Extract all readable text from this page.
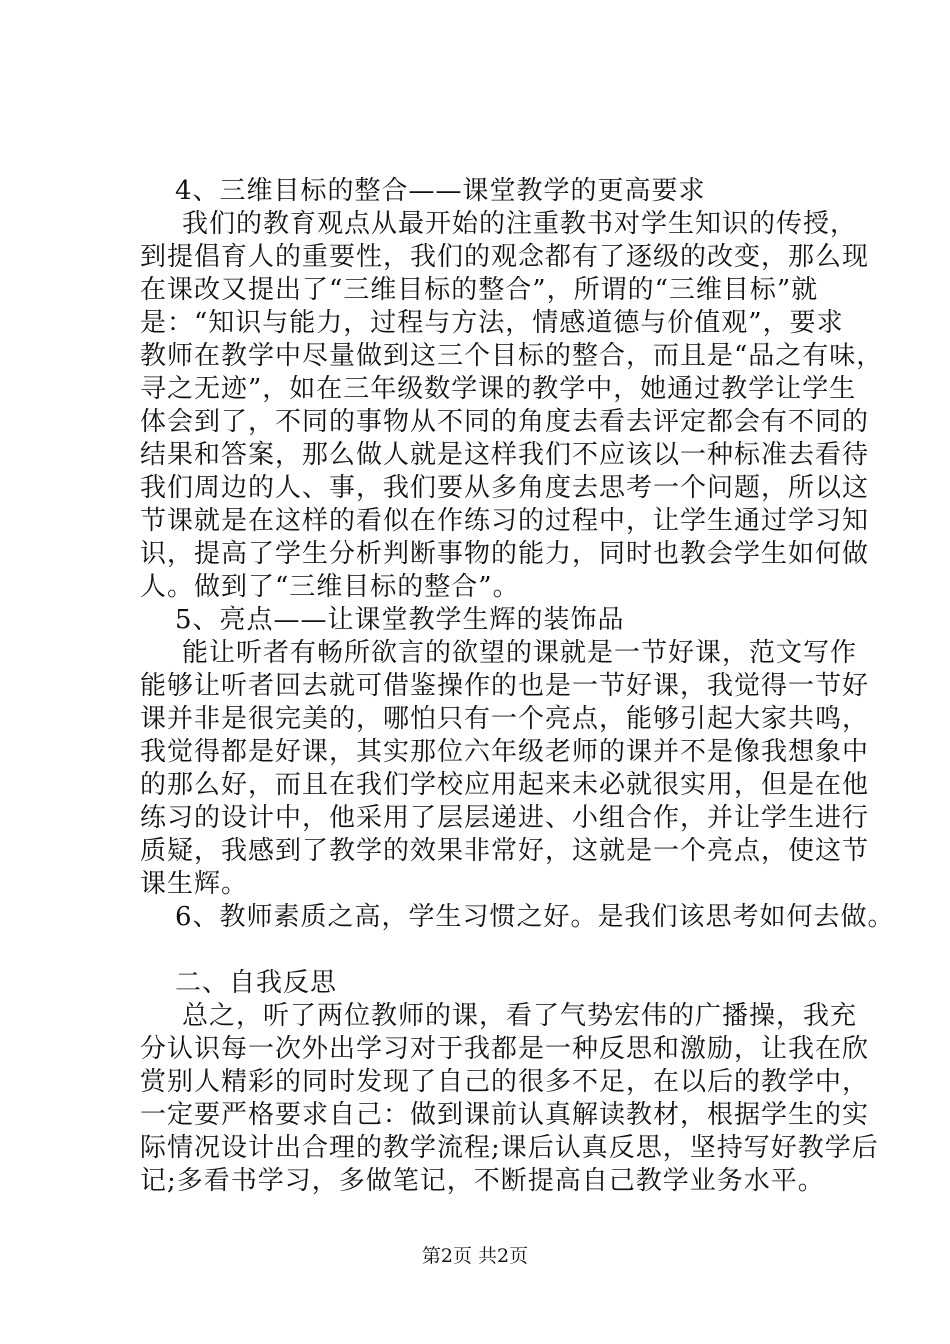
4、三维目标的整合——课堂教学的更高要求
我们的教育观点从最开始的注重教书对学生知识的传授，
到提倡育人的重要性，我们的观念都有了逐级的改变，那么现
在课改又提出了“三维目标的整合”，所谓的“三维目标”就
是：“知识与能力，过程与方法，情感道德与价值观”，要求
教师在教学中尽量做到这三个目标的整合，而且是“品之有味，
寻之无迹”，如在三年级数学课的教学中，她通过教学让学生
体会到了，不同的事物从不同的角度去看去评定都会有不同的
结果和答案，那么做人就是这样我们不应该以一种标准去看待
我们周边的人、事，我们要从多角度去思考一个问题，所以这
节课就是在这样的看似在作练习的过程中，让学生通过学习知
识，提高了学生分析判断事物的能力，同时也教会学生如何做
人。做到了“三维目标的整合”。
5、亮点——让课堂教学生辉的装饰品
能让听者有畅所欲言的欲望的课就是一节好课，范文写作
能够让听者回去就可借鉴操作的也是一节好课，我觉得一节好
课并非是很完美的，哪怕只有一个亮点，能够引起大家共鸣，
我觉得都是好课，其实那位六年级老师的课并不是像我想象中
的那么好，而且在我们学校应用起来未必就很实用，但是在他
练习的设计中，他采用了层层递进、小组合作，并让学生进行
质疑，我感到了教学的效果非常好，这就是一个亮点，使这节
课生辉。
6、教师素质之高，学生习惯之好。是我们该思考如何去做。
二、自我反思
总之，听了两位教师的课，看了气势宏伟的广播操，我充
分认识每一次外出学习对于我都是一种反思和激励，让我在欣
赏别人精彩的同时发现了自己的很多不足，在以后的教学中，
一定要严格要求自己：做到课前认真解读教材，根据学生的实
际情况设计出合理的教学流程;课后认真反思，坚持写好教学后
记;多看书学习，多做笔记，不断提高自己教学业务水平。
第2页 共2页
